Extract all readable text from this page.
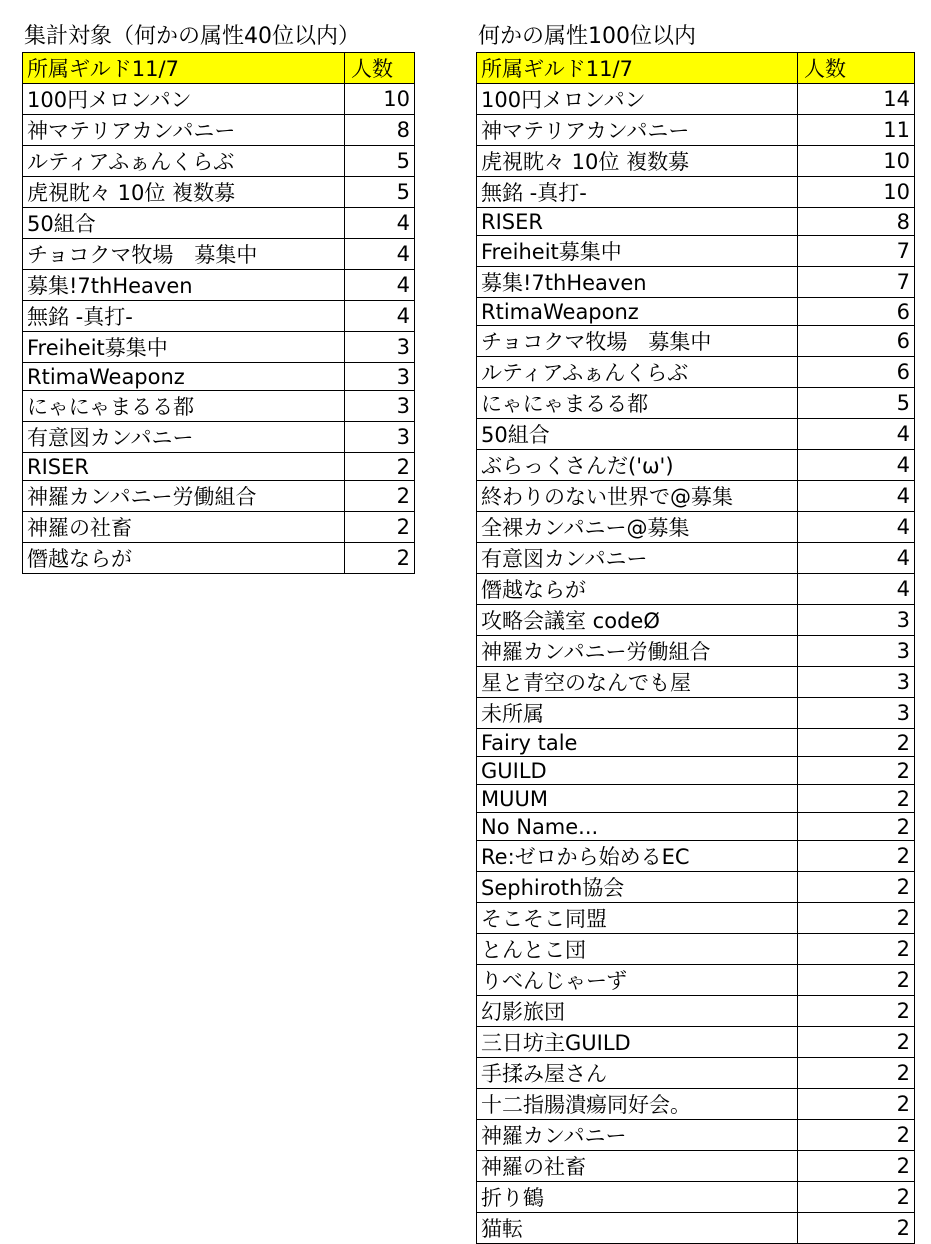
集計対象（何かの属性40位以内）
所属ギルド11/7	人数
100円メロンパン	10
神マテリアカンパニー	8
ルティアふぁんくらぶ	5
虎視眈々 10位 複数募	5
50組合	4
チョコクマ牧場　募集中	4
募集!7thHeaven	4
無銘 -真打-	4
Freiheit募集中	3
RtimaWeaponz	3
にゃにゃまるる都	3
有意図カンパニー	3
RISER	2
神羅カンパニー労働組合	2
神羅の社畜	2
僭越ならが	2
何かの属性100位以内
所属ギルド11/7	人数
100円メロンパン	14
神マテリアカンパニー	11
虎視眈々 10位 複数募	10
無銘 -真打-	10
RISER	8
Freiheit募集中	7
募集!7thHeaven	7
RtimaWeaponz	6
チョコクマ牧場　募集中	6
ルティアふぁんくらぶ	6
にゃにゃまるる都	5
50組合	4
ぶらっくさんだ('ω')	4
終わりのない世界で@募集	4
全裸カンパニー@募集	4
有意図カンパニー	4
僭越ならが	4
攻略会議室 codeØ	3
神羅カンパニー労働組合	3
星と青空のなんでも屋	3
未所属	3
Fairy tale	2
GUILD	2
MUUM	2
No Name...	2
Re:ゼロから始めるEC	2
Sephiroth協会	2
そこそこ同盟	2
とんとこ団	2
りべんじゃーず	2
幻影旅団	2
三日坊主GUILD	2
手揉み屋さん	2
十二指腸潰瘍同好会。	2
神羅カンパニー	2
神羅の社畜	2
折り鶴	2
猫転	2
